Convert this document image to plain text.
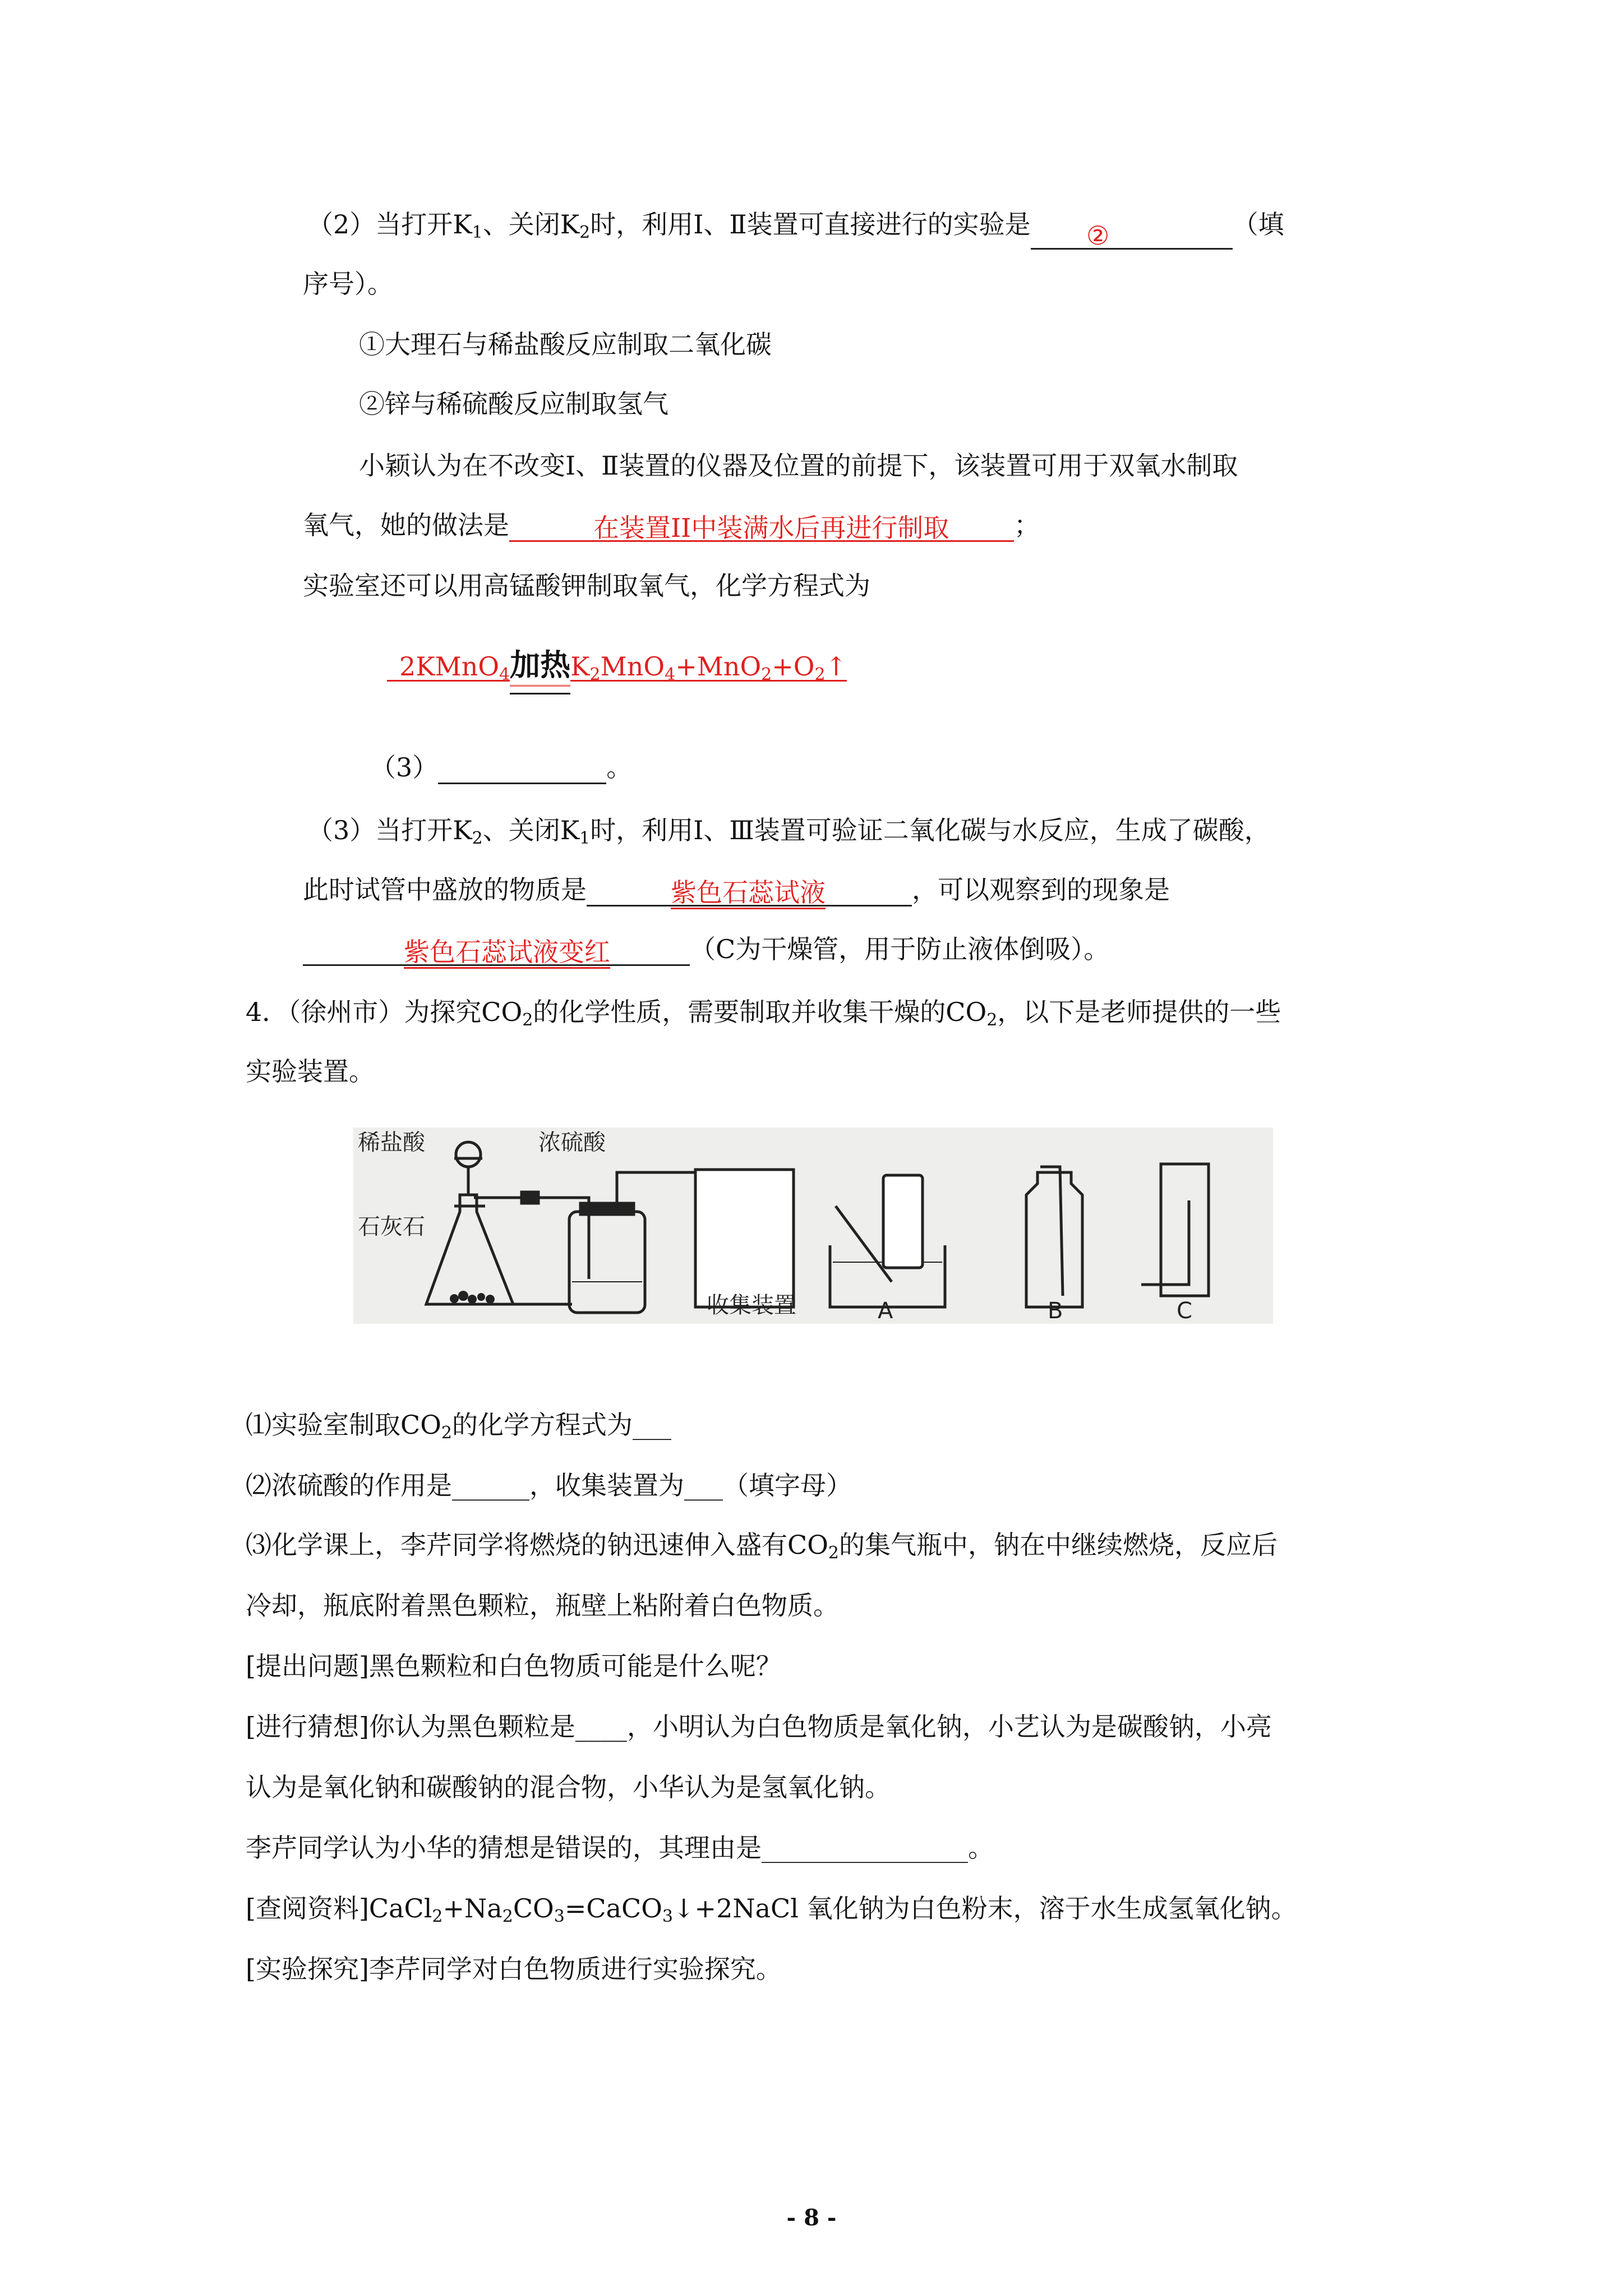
（2）当打开$K_1$、关闭$K_2$时，利用Ⅰ、Ⅱ装置可直接进行的实验是 ②	（填
序号）。
①大理石与稀盐酸反应制取二氧化碳
②锌与稀硫酸反应制取氢气
小颖认为在不改变Ⅰ、Ⅱ装置的仪器及位置的前提下，该装置可用于双氧水制取
氧气，她的做法是	在装置II中装满水后再进行制取	；
实验室还可以用高锰酸钾制取氧气，化学方程式为
2KMnO$_4$加热
$K_2MnO_4+MnO_2+O_2↑$
（3）	。
（3）当打开$K_2$、关闭$K_1$时，利用Ⅰ、Ⅲ装置可验证二氧化碳与水反应，生成了碳酸，
此时试管中盛放的物质是	紫色石蕊试液	，可以观察到的现象是
紫色石蕊试液变红	（C为干燥管，用于防止液体倒吸）。
4．（徐州市）为探究$CO_2$的化学性质，需要制取并收集干燥的$CO_2$，以下是老师提供的一些
实验装置。
稀盐酸
石灰石
浓硫酸
收集装置	A	B	C
⑴实验室制取$CO_2$的化学方程式为___
⑵浓硫酸的作用是______，收集装置为___（填字母）
⑶化学课上，李芹同学将燃烧的钠迅速伸入盛有$CO_2$的集气瓶中，钠在中继续燃烧，反应后
冷却，瓶底附着黑色颗粒，瓶壁上粘附着白色物质。
[提出问题]黑色颗粒和白色物质可能是什么呢？
[进行猜想]你认为黑色颗粒是____，小明认为白色物质是氧化钠，小艺认为是碳酸钠，小亮
认为是氧化钠和碳酸钠的混合物，小华认为是氢氧化钠。
李芹同学认为小华的猜想是错误的，其理由是________________。
[查阅资料]$CaCl_2+Na_2CO_3=CaCO_3↓+2NaCl$ 氧化钠为白色粉末，溶于水生成氢氧化钠。
[实验探究]李芹同学对白色物质进行实验探究。
- 8 -
